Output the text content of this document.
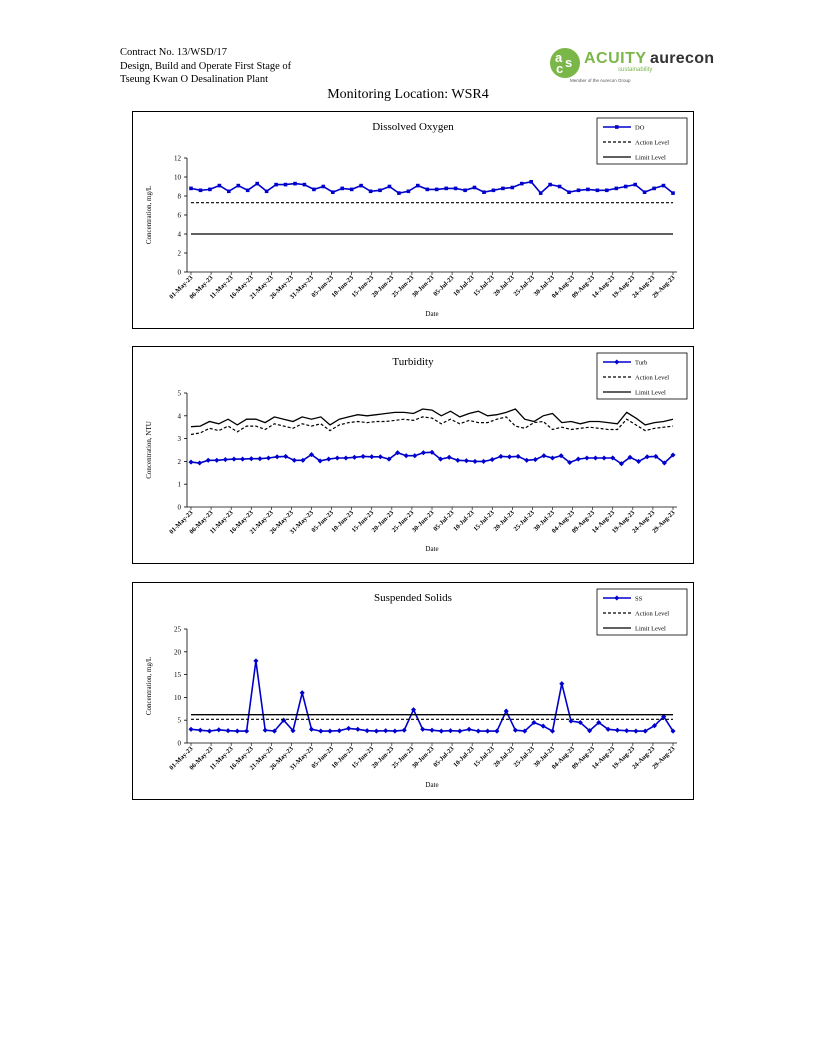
Contract No. 13/WSD/17
Design, Build and Operate First Stage of
Tseung Kwan O Desalination Plant
a s
c
ACUITY
sustainability
Member of the Aurecon Group
aurecon
Monitoring Location: WSR4
Dissolved Oxygen
0
2
4
6
8
10
12
01-May-23
06-May-23
11-May-23
16-May-23
21-May-23
26-May-23
31-May-23
05-Jun-23
10-Jun-23
15-Jun-23
20-Jun-23
25-Jun-23
30-Jun-23
05-Jul-23
10-Jul-23
15-Jul-23
20-Jul-23
25-Jul-23
30-Jul-23
04-Aug-23
09-Aug-23
14-Aug-23
19-Aug-23
24-Aug-23
29-Aug-23
Concentration, mg/L
Date
DO
Action Level
Limit Level
Turbidity
0
1
2
3
4
5
01-May-23
06-May-23
11-May-23
16-May-23
21-May-23
26-May-23
31-May-23
05-Jun-23
10-Jun-23
15-Jun-23
20-Jun-23
25-Jun-23
30-Jun-23
05-Jul-23
10-Jul-23
15-Jul-23
20-Jul-23
25-Jul-23
30-Jul-23
04-Aug-23
09-Aug-23
14-Aug-23
19-Aug-23
24-Aug-23
29-Aug-23
Concentration, NTU
Date
Turb
Action Level
Limit Level
Suspended Solids
0
5
10
15
20
25
01-May-23
06-May-23
11-May-23
16-May-23
21-May-23
26-May-23
31-May-23
05-Jun-23
10-Jun-23
15-Jun-23
20-Jun-23
25-Jun-23
30-Jun-23
05-Jul-23
10-Jul-23
15-Jul-23
20-Jul-23
25-Jul-23
30-Jul-23
04-Aug-23
09-Aug-23
14-Aug-23
19-Aug-23
24-Aug-23
29-Aug-23
Concentration, mg/L
Date
SS
Action Level
Limit Level
